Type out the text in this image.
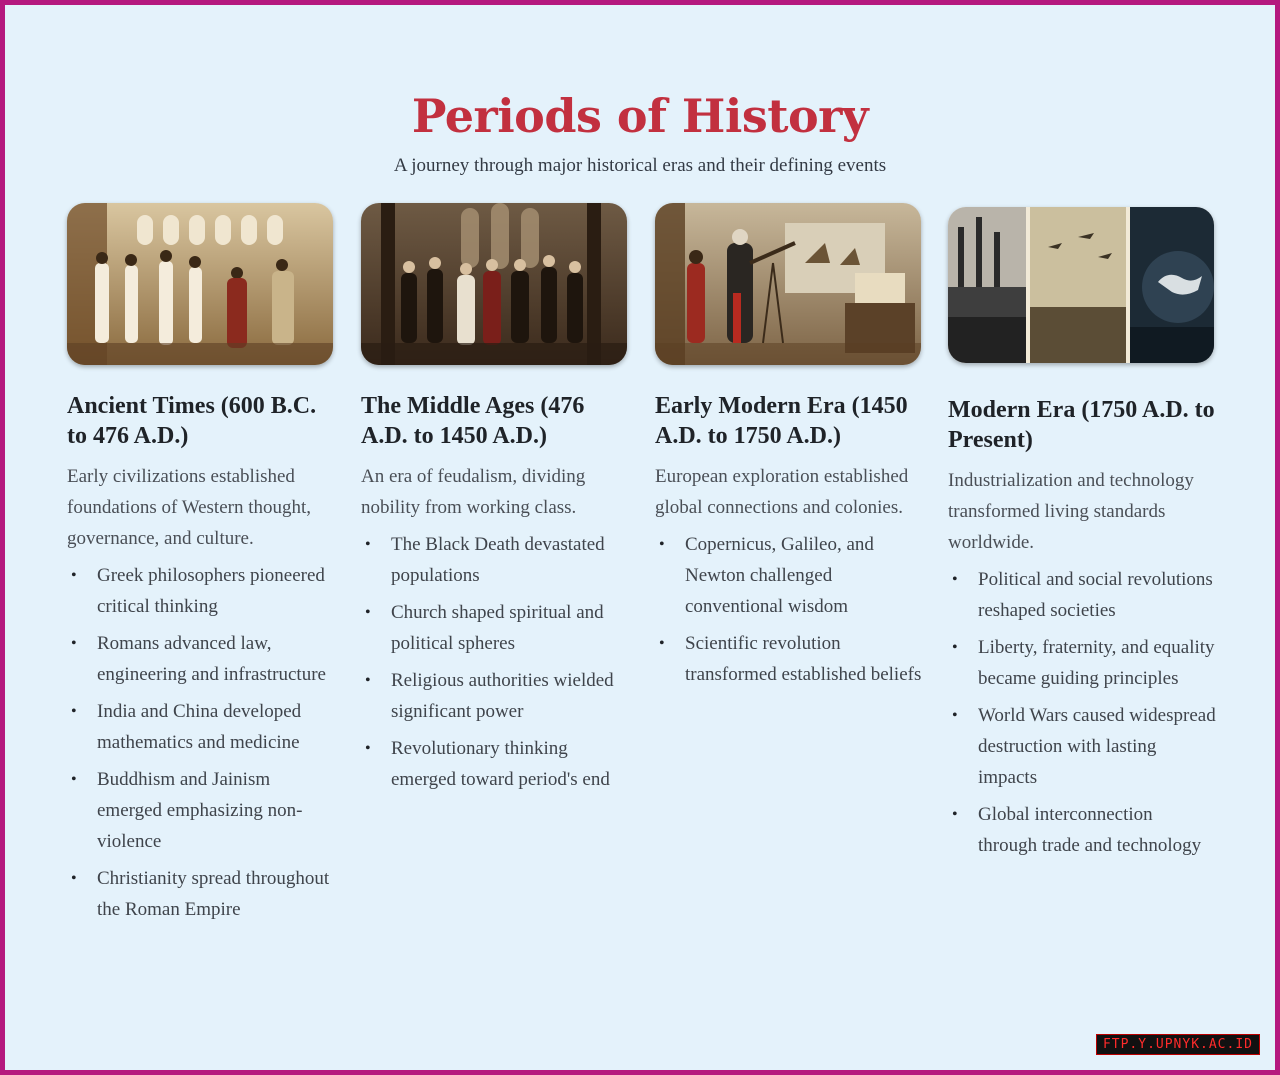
Periods of History
A journey through major historical eras and their defining events
Ancient Times (600 B.C. to 476 A.D.)

Early civilizations established foundations of Western thought, governance, and culture.

• Greek philosophers pioneered critical thinking
• Romans advanced law, engineering and infrastructure
• India and China developed mathematics and medicine
• Buddhism and Jainism emerged emphasizing non-violence
• Christianity spread throughout the Roman Empire
The Middle Ages (476 A.D. to 1450 A.D.)

An era of feudalism, dividing nobility from working class.

• The Black Death devastated populations
• Church shaped spiritual and political spheres
• Religious authorities wielded significant power
• Revolutionary thinking emerged toward period's end
Early Modern Era (1450 A.D. to 1750 A.D.)

European exploration established global connections and colonies.

• Copernicus, Galileo, and Newton challenged conventional wisdom
• Scientific revolution transformed established beliefs
Modern Era (1750 A.D. to Present)

Industrialization and technology transformed living standards worldwide.

• Political and social revolutions reshaped societies
• Liberty, fraternity, and equality became guiding principles
• World Wars caused widespread destruction with lasting impacts
• Global interconnection through trade and technology
FTP.Y.UPNYK.AC.ID
